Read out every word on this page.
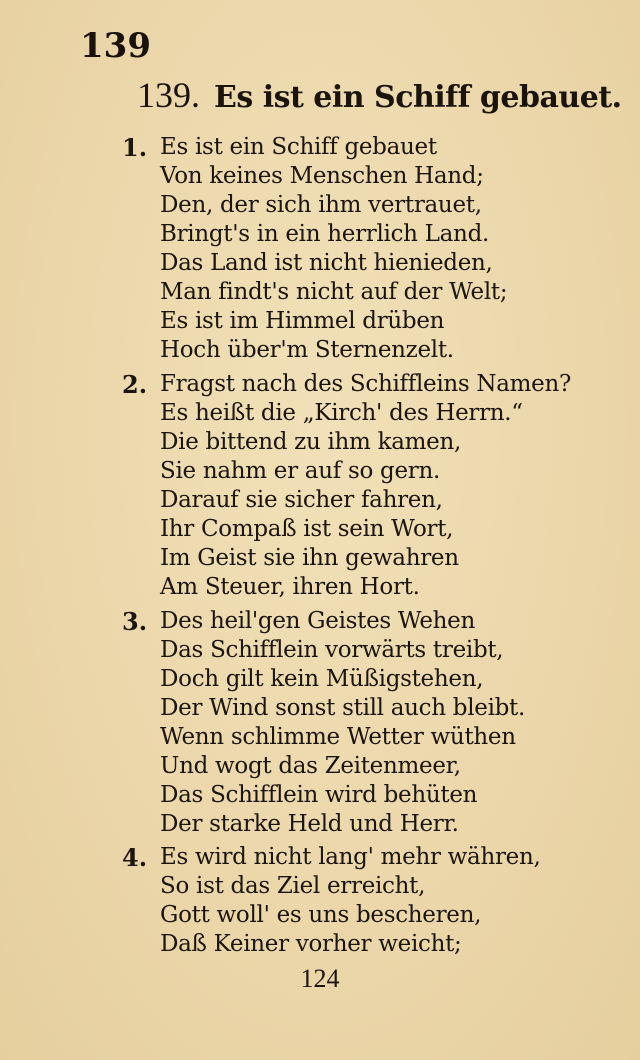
139
139. Es ist ein Schiff gebauet.
1. Es ist ein Schiff gebauet
Von keines Menschen Hand;
Den, der sich ihm vertrauet,
Bringt's in ein herrlich Land.
Das Land ist nicht hienieden,
Man findt's nicht auf der Welt;
Es ist im Himmel drüben
Hoch über'm Sternenzelt.
2. Fragst nach des Schiffleins Namen?
Es heißt die „Kirch' des Herrn.“
Die bittend zu ihm kamen,
Sie nahm er auf so gern.
Darauf sie sicher fahren,
Ihr Compaß ist sein Wort,
Im Geist sie ihn gewahren
Am Steuer, ihren Hort.
3. Des heil'gen Geistes Wehen
Das Schifflein vorwärts treibt,
Doch gilt kein Müßigstehen,
Der Wind sonst still auch bleibt.
Wenn schlimme Wetter wüthen
Und wogt das Zeitenmeer,
Das Schifflein wird behüten
Der starke Held und Herr.
4. Es wird nicht lang' mehr währen,
So ist das Ziel erreicht,
Gott woll' es uns bescheren,
Daß Keiner vorher weicht;
124
